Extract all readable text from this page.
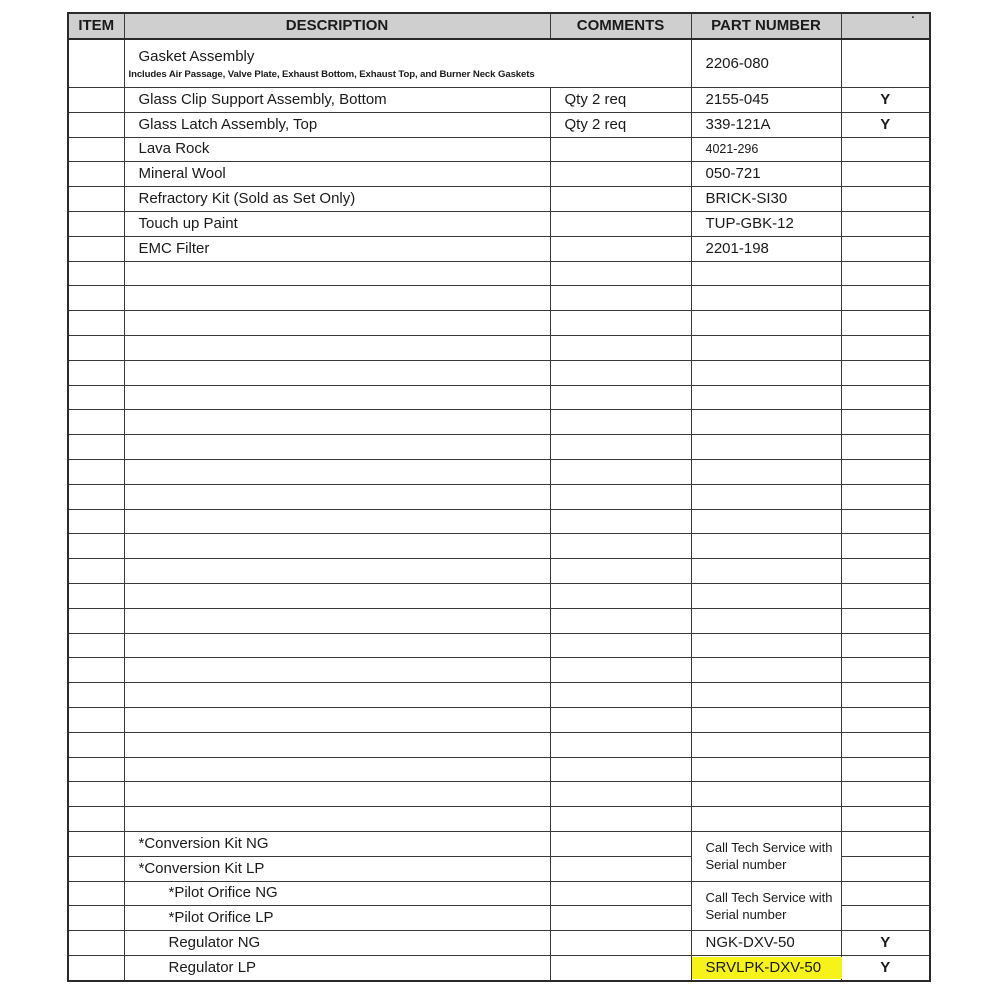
ITEM	DESCRIPTION	COMMENTS	PART NUMBER	·

	Gasket Assembly
Includes Air Passage, Valve Plate, Exhaust Bottom, Exhaust Top, and Burner Neck Gaskets		2206-080	
	Glass Clip Support Assembly, Bottom	Qty 2 req	2155-045	Y
	Glass Latch Assembly, Top	Qty 2 req	339-121A	Y
	Lava Rock		4021-296	
	Mineral Wool		050-721	
	Refractory Kit (Sold as Set Only)		BRICK-SI30	
	Touch up Paint		TUP-GBK-12	
	EMC Filter		2201-198	

	*Conversion Kit NG		Call Tech Service with Serial number	
	*Conversion Kit LP			
	*Pilot Orifice NG		Call Tech Service with Serial number	
	*Pilot Orifice LP			
	Regulator NG		NGK-DXV-50	Y
	Regulator LP		SRVLPK-DXV-50	Y
